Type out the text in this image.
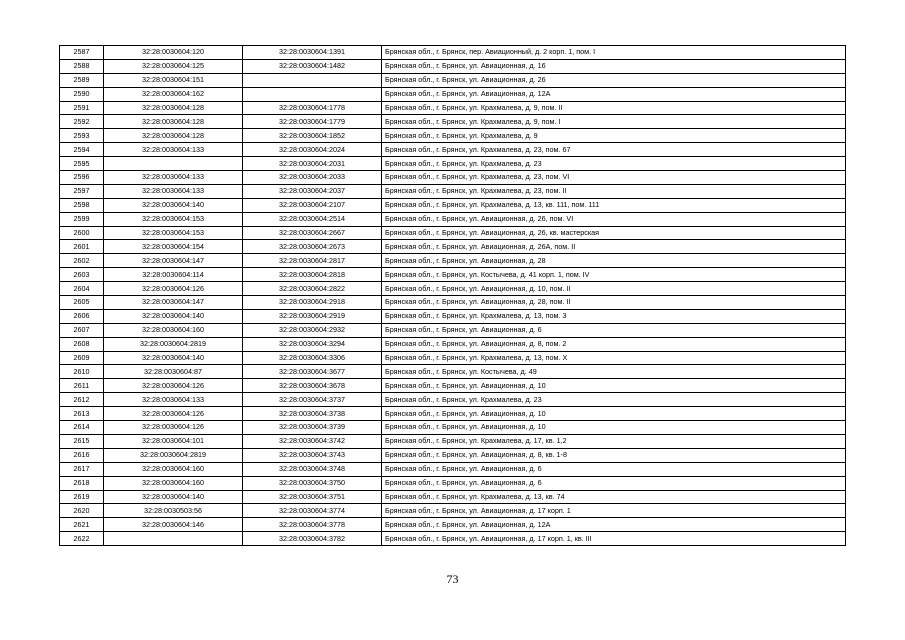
2587	32:28:0030604:120	32:28:0030604:1391	Брянская обл., г. Брянск, пер. Авиационный, д. 2 корп. 1, пом. I
2588	32:28:0030604:125	32:28:0030604:1482	Брянская обл., г. Брянск, ул. Авиационная, д. 16
2589	32:28:0030604:151		Брянская обл., г. Брянск, ул. Авиационная, д. 26
2590	32:28:0030604:162		Брянская обл., г. Брянск, ул. Авиационная, д. 12А
2591	32:28:0030604:128	32:28:0030604:1778	Брянская обл., г. Брянск, ул. Крахмалева, д. 9, пом. II
2592	32:28:0030604:128	32:28:0030604:1779	Брянская обл., г. Брянск, ул. Крахмалева, д. 9, пом. I
2593	32:28:0030604:128	32:28:0030604:1852	Брянская обл., г. Брянск, ул. Крахмалева, д. 9
2594	32:28:0030604:133	32:28:0030604:2024	Брянская обл., г. Брянск, ул. Крахмалева, д. 23, пом. 67
2595		32:28:0030604:2031	Брянская обл., г. Брянск, ул. Крахмалева, д. 23
2596	32:28:0030604:133	32:28:0030604:2033	Брянская обл., г. Брянск, ул. Крахмалева, д. 23, пом. VI
2597	32:28:0030604:133	32:28:0030604:2037	Брянская обл., г. Брянск, ул. Крахмалева, д. 23, пом. II
2598	32:28:0030604:140	32:28:0030604:2107	Брянская обл., г. Брянск, ул. Крахмалева, д. 13, кв. 111, пом. 111
2599	32:28:0030604:153	32:28:0030604:2514	Брянская обл., г. Брянск, ул. Авиационная, д. 26, пом. VI
2600	32:28:0030604:153	32:28:0030604:2667	Брянская обл., г. Брянск, ул. Авиационная, д. 26, кв. мастерская
2601	32:28:0030604:154	32:28:0030604:2673	Брянская обл., г. Брянск, ул. Авиационная, д. 26А, пом. II
2602	32:28:0030604:147	32:28:0030604:2817	Брянская обл., г. Брянск, ул. Авиационная, д. 28
2603	32:28:0030604:114	32:28:0030604:2818	Брянская обл., г. Брянск, ул. Костычева, д. 41 корп. 1, пом. IV
2604	32:28:0030604:126	32:28:0030604:2822	Брянская обл., г. Брянск, ул. Авиационная, д. 10, пом. II
2605	32:28:0030604:147	32:28:0030604:2918	Брянская обл., г. Брянск, ул. Авиационная, д. 28, пом. II
2606	32:28:0030604:140	32:28:0030604:2919	Брянская обл., г. Брянск, ул. Крахмалева, д. 13, пом. 3
2607	32:28:0030604:160	32:28:0030604:2932	Брянская обл., г. Брянск, ул. Авиационная, д. 6
2608	32:28:0030604:2819	32:28:0030604:3294	Брянская обл., г. Брянск, ул. Авиационная, д. 8, пом. 2
2609	32:28:0030604:140	32:28:0030604:3306	Брянская обл., г. Брянск, ул. Крахмалева, д. 13, пом. X
2610	32:28:0030604:87	32:28:0030604:3677	Брянская обл., г. Брянск, ул. Костычева, д. 49
2611	32:28:0030604:126	32:28:0030604:3678	Брянская обл., г. Брянск, ул. Авиационная, д. 10
2612	32:28:0030604:133	32:28:0030604:3737	Брянская обл., г. Брянск, ул. Крахмалева, д. 23
2613	32:28:0030604:126	32:28:0030604:3738	Брянская обл., г. Брянск, ул. Авиационная, д. 10
2614	32:28:0030604:126	32:28:0030604:3739	Брянская обл., г. Брянск, ул. Авиационная, д. 10
2615	32:28:0030604:101	32:28:0030604:3742	Брянская обл., г. Брянск, ул. Крахмалева, д. 17, кв. 1,2
2616	32:28:0030604:2819	32:28:0030604:3743	Брянская обл., г. Брянск, ул. Авиационная, д. 8, кв. 1-8
2617	32:28:0030604:160	32:28:0030604:3748	Брянская обл., г. Брянск, ул. Авиационная, д. 6
2618	32:28:0030604:160	32:28:0030604:3750	Брянская обл., г. Брянск, ул. Авиационная, д. 6
2619	32:28:0030604:140	32:28:0030604:3751	Брянская обл., г. Брянск, ул. Крахмалева, д. 13, кв. 74
2620	32:28:0030503:56	32:28:0030604:3774	Брянская обл., г. Брянск, ул. Авиационная, д. 17 корп. 1
2621	32:28:0030604:146	32:28:0030604:3778	Брянская обл., г. Брянск, ул. Авиационная, д. 12А
2622		32:28:0030604:3782	Брянская обл., г. Брянск, ул. Авиационная, д. 17 корп. 1, кв. III
73
